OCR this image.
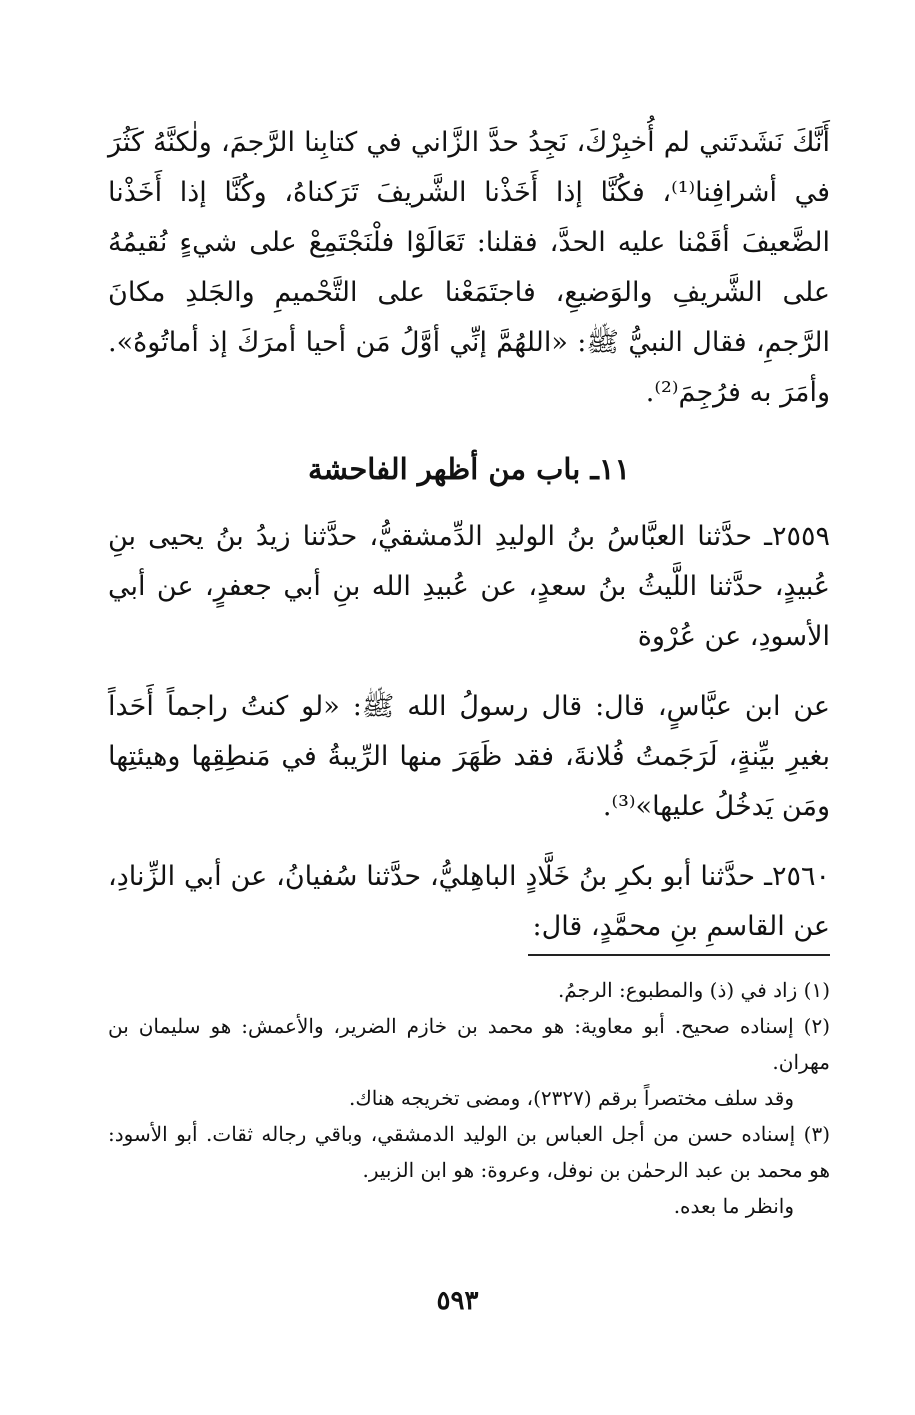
أَنَّكَ نَشَدتَني لم أُخبِرْكَ، نَجِدُ حدَّ الزَّاني في كتابِنا الرَّجمَ، ولٰكنَّهُ كَثُرَ في أشرافِنا⁽¹⁾، فكُنَّا إذا أَخَذْنا الشَّريفَ تَرَكناهُ، وكُنَّا إذا أَخَذْنا الضَّعيفَ أقَمْنا عليه الحدَّ، فقلنا: تَعَالَوْا فلْنَجْتَمِعْ على شيءٍ نُقيمُهُ على الشَّريفِ والوَضيعِ، فاجتَمَعْنا على التَّحْميمِ والجَلدِ مكانَ الرَّجمِ، فقال النبيُّ ﷺ: «اللهُمَّ إنِّي أوَّلُ مَن أحيا أمرَكَ إذ أماتُوهُ». وأمَرَ به فرُجِمَ⁽²⁾.

١١ـ باب من أظهر الفاحشة

٢٥٥٩ـ حدَّثنا العبَّاسُ بنُ الوليدِ الدِّمشقيُّ، حدَّثنا زيدُ بنُ يحيى بنِ عُبيدٍ، حدَّثنا اللَّيثُ بنُ سعدٍ، عن عُبيدِ الله بنِ أبي جعفرٍ، عن أبي الأسودِ، عن عُرْوة

عن ابن عبَّاسٍ، قال: قال رسولُ الله ﷺ: «لو كنتُ راجماً أَحَداً بغيرِ بيِّنةٍ، لَرَجَمتُ فُلانةَ، فقد ظَهَرَ منها الرِّيبةُ في مَنطِقِها وهيئتِها ومَن يَدخُلُ عليها»⁽³⁾.

٢٥٦٠ـ حدَّثنا أبو بكرِ بنُ خَلَّادٍ الباهِليُّ، حدَّثنا سُفيانُ، عن أبي الزِّنادِ، عن القاسمِ بنِ محمَّدٍ، قال:

(١) زاد في (ذ) والمطبوع: الرجمُ.

(٢) إسناده صحيح. أبو معاوية: هو محمد بن خازم الضرير، والأعمش: هو سليمان بن مهران.

وقد سلف مختصراً برقم (٢٣٢٧)، ومضى تخريجه هناك.

(٣) إسناده حسن من أجل العباس بن الوليد الدمشقي، وباقي رجاله ثقات. أبو الأسود: هو محمد بن عبد الرحمٰن بن نوفل، وعروة: هو ابن الزبير.

وانظر ما بعده.

٥٩٣
